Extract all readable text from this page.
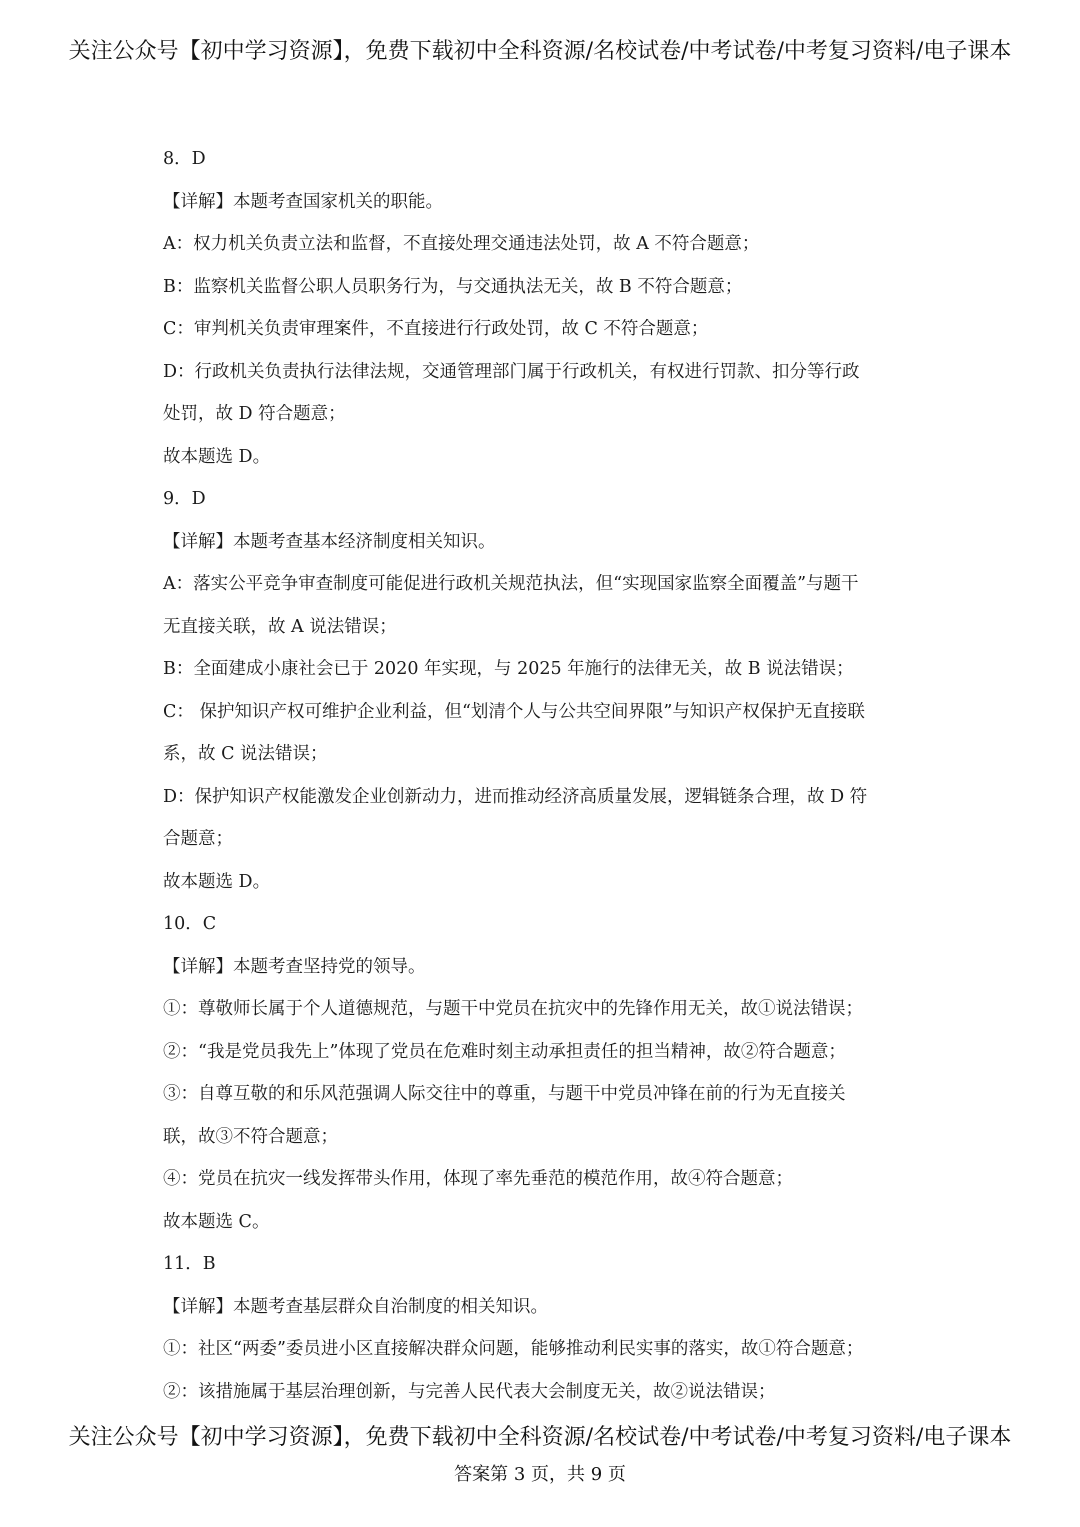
关注公众号【初中学习资源】，免费下载初中全科资源/名校试卷/中考试卷/中考复习资料/电子课本
8．D
【详解】本题考查国家机关的职能。
A：权力机关负责立法和监督，不直接处理交通违法处罚，故 A 不符合题意；
B：监察机关监督公职人员职务行为，与交通执法无关，故 B 不符合题意；
C：审判机关负责审理案件，不直接进行行政处罚，故 C 不符合题意；
D：行政机关负责执行法律法规，交通管理部门属于行政机关，有权进行罚款、扣分等行政
处罚，故 D 符合题意；
故本题选 D。
9．D
【详解】本题考查基本经济制度相关知识。
A：落实公平竞争审查制度可能促进行政机关规范执法，但“实现国家监察全面覆盖”与题干
无直接关联，故 A 说法错误；
B：全面建成小康社会已于 2020 年实现，与 2025 年施行的法律无关，故 B 说法错误；
C： 保护知识产权可维护企业利益，但“划清个人与公共空间界限”与知识产权保护无直接联
系，故 C 说法错误；
D：保护知识产权能激发企业创新动力，进而推动经济高质量发展，逻辑链条合理，故 D 符
合题意；
故本题选 D。
10．C
【详解】本题考查坚持党的领导。
①：尊敬师长属于个人道德规范，与题干中党员在抗灾中的先锋作用无关，故①说法错误；
②：“我是党员我先上”体现了党员在危难时刻主动承担责任的担当精神，故②符合题意；
③：自尊互敬的和乐风范强调人际交往中的尊重，与题干中党员冲锋在前的行为无直接关
联，故③不符合题意；
④：党员在抗灾一线发挥带头作用，体现了率先垂范的模范作用，故④符合题意；
故本题选 C。
11．B
【详解】本题考查基层群众自治制度的相关知识。
①：社区“两委”委员进小区直接解决群众问题，能够推动利民实事的落实，故①符合题意；
②：该措施属于基层治理创新，与完善人民代表大会制度无关，故②说法错误；
关注公众号【初中学习资源】，免费下载初中全科资源/名校试卷/中考试卷/中考复习资料/电子课本
答案第 3 页，共 9 页
